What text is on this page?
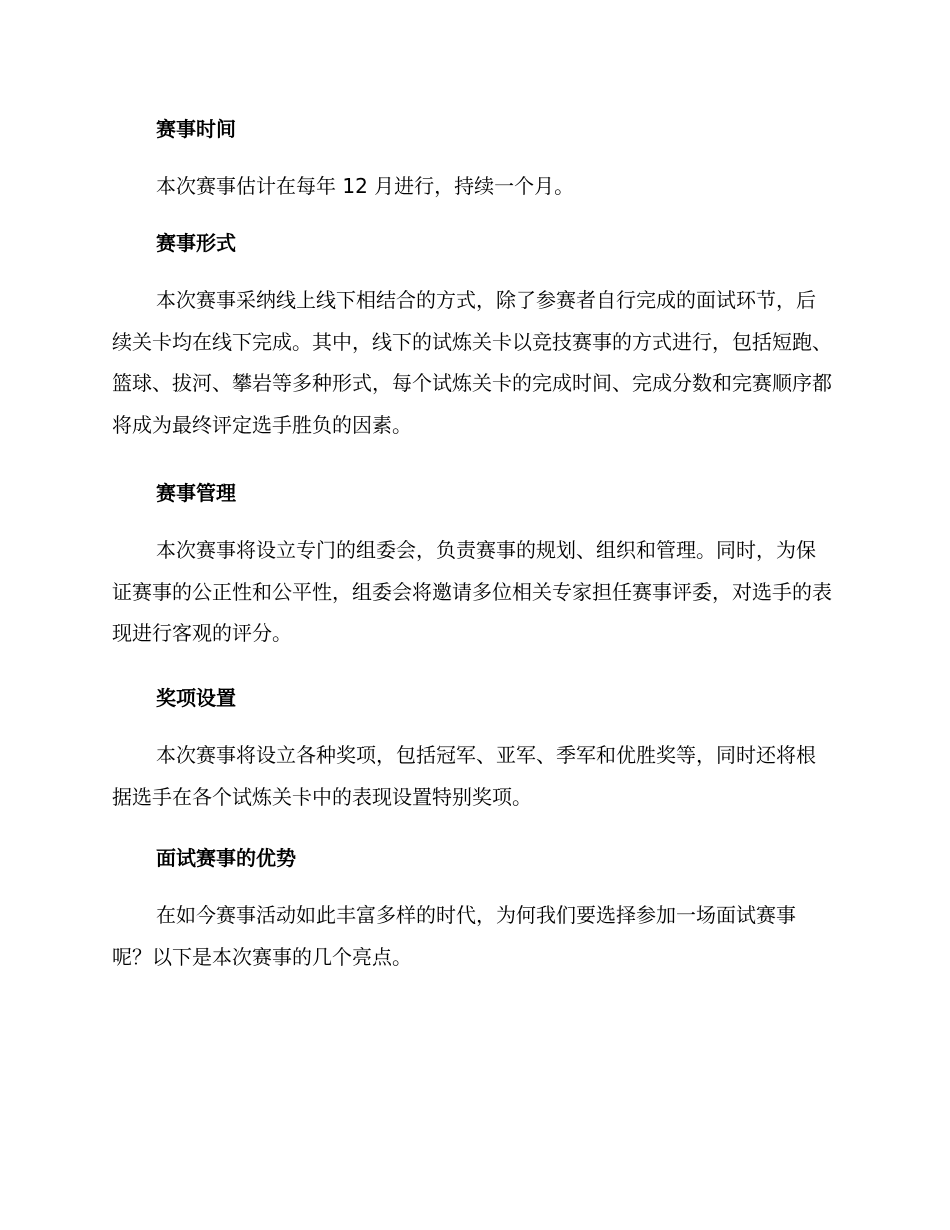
赛事时间

本次赛事估计在每年 12 月进行，持续一个月。

赛事形式

本次赛事采纳线上线下相结合的方式，除了参赛者自行完成的面试环节，后续关卡均在线下完成。其中，线下的试炼关卡以竞技赛事的方式进行，包括短跑、篮球、拔河、攀岩等多种形式，每个试炼关卡的完成时间、完成分数和完赛顺序都将成为最终评定选手胜负的因素。

赛事管理

本次赛事将设立专门的组委会，负责赛事的规划、组织和管理。同时，为保证赛事的公正性和公平性，组委会将邀请多位相关专家担任赛事评委，对选手的表现进行客观的评分。

奖项设置

本次赛事将设立各种奖项，包括冠军、亚军、季军和优胜奖等，同时还将根据选手在各个试炼关卡中的表现设置特别奖项。

面试赛事的优势

在如今赛事活动如此丰富多样的时代，为何我们要选择参加一场面试赛事呢？以下是本次赛事的几个亮点。
